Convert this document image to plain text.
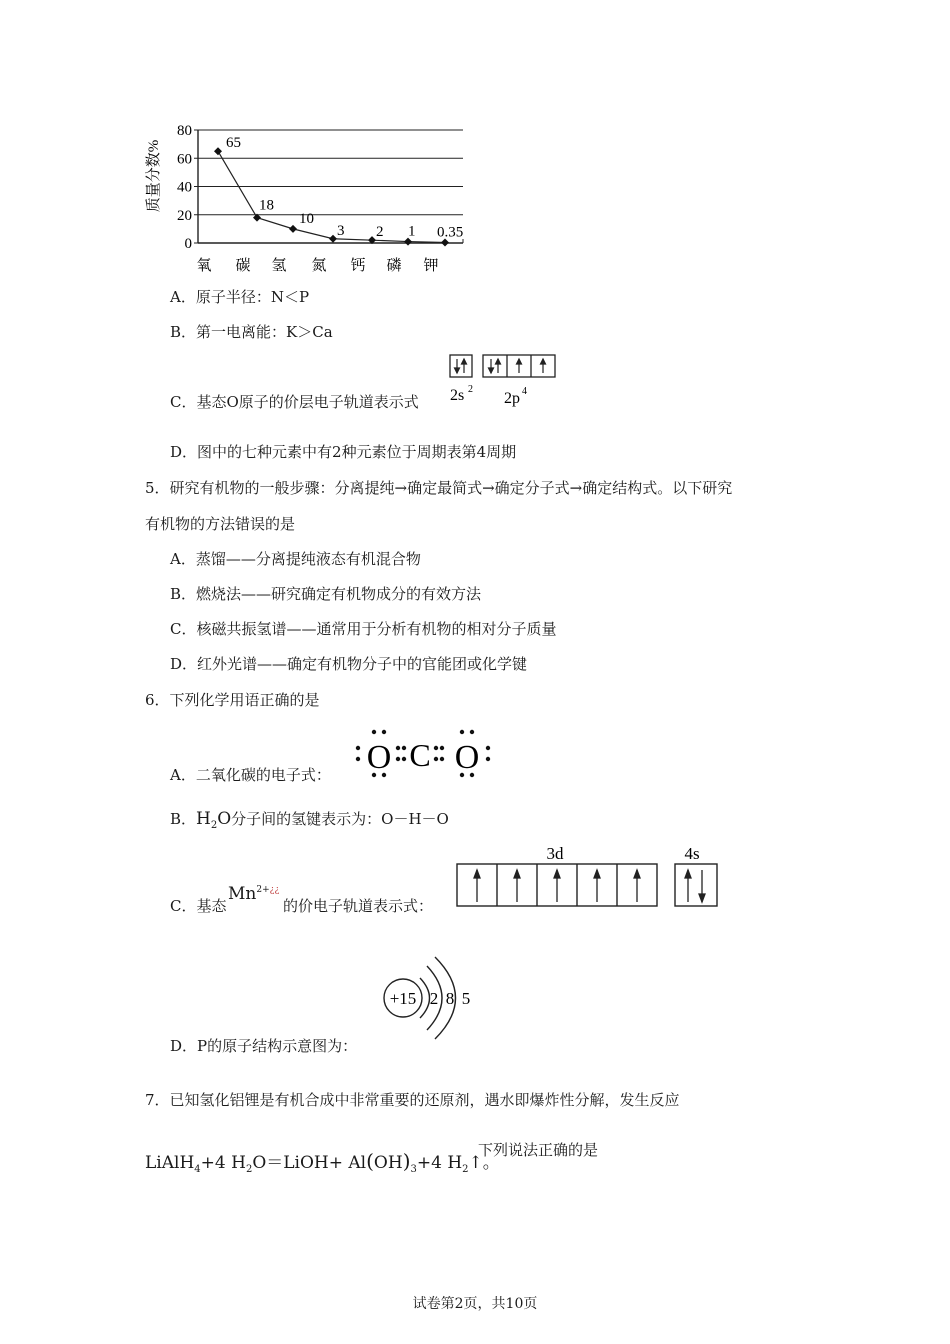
0
20
40
60
80
65
18
10
3 2 1 0.35
氧 碳 氢 氮 钙 磷 钾
质量分数%
A．原子半径：N＜P
B．第一电离能：K＞Ca
C．基态O原子的价层电子轨道表示式 2s 2
2p 4
D．图中的七种元素中有2种元素位于周期表第4周期
5．研究有机物的一般步骤：分离提纯→确定最简式→确定分子式→确定结构式。以下研究
有机物的方法错误的是
A．蒸馏——分离提纯液态有机混合物
B．燃烧法——研究确定有机物成分的有效方法
C．核磁共振氢谱——通常用于分析有机物的相对分子质量
D．红外光谱——确定有机物分子中的官能团或化学键
6．下列化学用语正确的是
A．二氧化碳的电子式： O C O
B．$H_2O$分子间的氢键表示为：O－H－O
C．基态
$Mn^{2+¿¿}$
的价电子轨道表示式：
3d	4s
+15 2 8 5
D．P的原子结构示意图为：
7．已知氢化铝锂是有机合成中非常重要的还原剂，遇水即爆炸性分解，发生反应
LiAlH$_4$+4 $H_2O=LiOH+ Al(OH)_3+4$ $H_2↑$。
下列说法正确的是
试卷第2页，共10页
